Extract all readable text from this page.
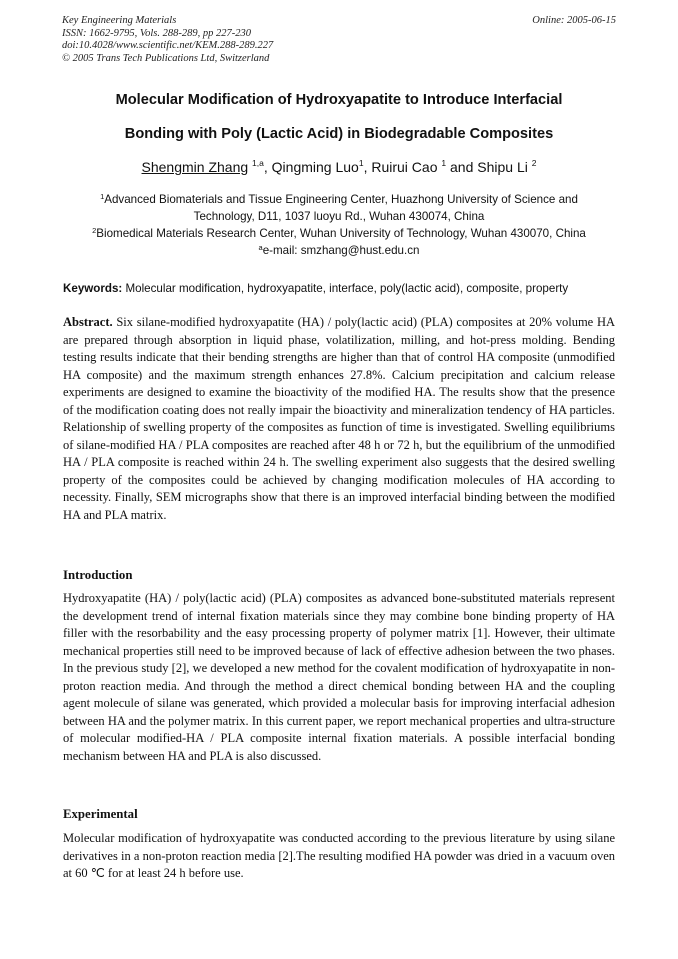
Key Engineering Materials
ISSN: 1662-9795, Vols. 288-289, pp 227-230
doi:10.4028/www.scientific.net/KEM.288-289.227
© 2005 Trans Tech Publications Ltd, Switzerland
Online: 2005-06-15
Molecular Modification of Hydroxyapatite to Introduce Interfacial
Bonding with Poly (Lactic Acid) in Biodegradable Composites
Shengmin Zhang $^{1,a}$, Qingming Luo$^1$, Ruirui Cao $^1$ and Shipu Li $^2$
$^1$Advanced Biomaterials and Tissue Engineering Center, Huazhong University of Science and
Technology, D11, 1037 luoyu Rd., Wuhan 430074, China
$^2$Biomedical Materials Research Center, Wuhan University of Technology, Wuhan 430070, China
$^a$e-mail: smzhang@hust.edu.cn
Keywords: Molecular modification, hydroxyapatite, interface, poly(lactic acid), composite, property
Abstract. Six silane-modified hydroxyapatite (HA) / poly(lactic acid) (PLA) composites at 20% volume HA are prepared through absorption in liquid phase, volatilization, milling, and hot-press molding. Bending testing results indicate that their bending strengths are higher than that of control HA composite (unmodified HA composite) and the maximum strength enhances 27.8%. Calcium precipitation and calcium release experiments are designed to examine the bioactivity of the modified HA. The results show that the presence of the modification coating does not really impair the bioactivity and mineralization tendency of HA particles. Relationship of swelling property of the composites as function of time is investigated. Swelling equilibriums of silane-modified HA / PLA composites are reached after 48 h or 72 h, but the equilibrium of the unmodified HA / PLA composite is reached within 24 h. The swelling experiment also suggests that the desired swelling property of the composites could be achieved by changing modification molecules of HA according to necessity. Finally, SEM micrographs show that there is an improved interfacial binding between the modified HA and PLA matrix.
Introduction
Hydroxyapatite (HA) / poly(lactic acid) (PLA) composites as advanced bone-substituted materials represent the development trend of internal fixation materials since they may combine bone binding property of HA filler with the resorbability and the easy processing property of polymer matrix [1]. However, their ultimate mechanical properties still need to be improved because of lack of effective adhesion between the two phases. In the previous study [2], we developed a new method for the covalent modification of hydroxyapatite in non-proton reaction media. And through the method a direct chemical bonding between HA and the coupling agent molecule of silane was generated, which provided a molecular basis for improving interfacial adhesion between HA and the polymer matrix. In this current paper, we report mechanical properties and ultra-structure of molecular modified-HA / PLA composite internal fixation materials. A possible interfacial bonding mechanism between HA and PLA is also discussed.
Experimental
Molecular modification of hydroxyapatite was conducted according to the previous literature by using silane derivatives in a non-proton reaction media [2].The resulting modified HA powder was dried in a vacuum oven at 60 ℃ for at least 24 h before use.
